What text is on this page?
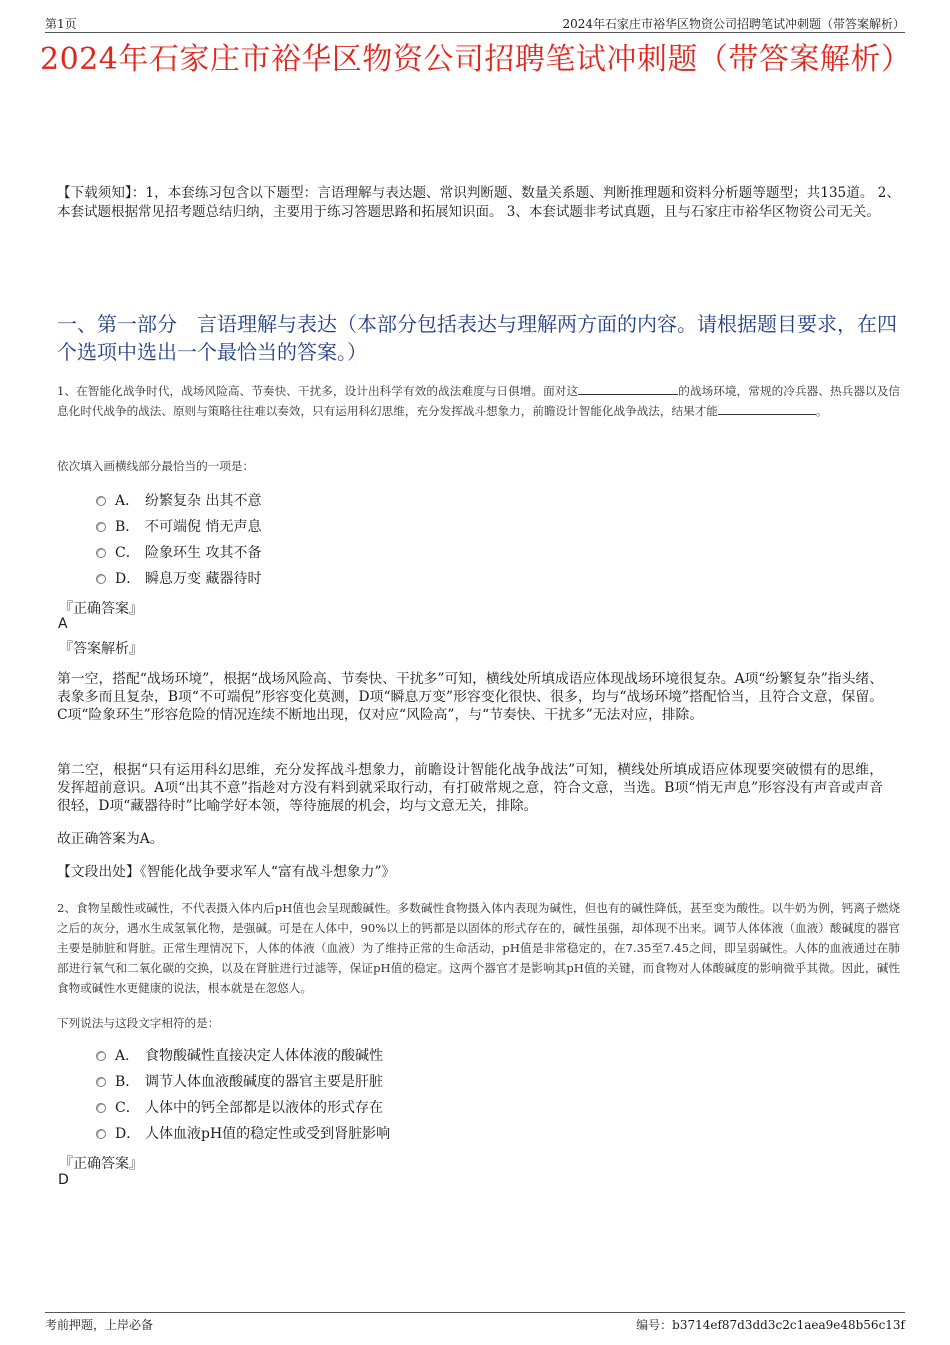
第1页	2024年石家庄市裕华区物资公司招聘笔试冲刺题（带答案解析）
2024年石家庄市裕华区物资公司招聘笔试冲刺题（带答案解析）
【下载须知】：1，本套练习包含以下题型：言语理解与表达题、常识判断题、数量关系题、判断推理题和资料分析题等题型；共135道。 2、本套试题根据常见招考题总结归纳，主要用于练习答题思路和拓展知识面。 3、本套试题非考试真题，且与石家庄市裕华区物资公司无关。
一、第一部分　言语理解与表达（本部分包括表达与理解两方面的内容。请根据题目要求，在四个选项中选出一个最恰当的答案。）
1、在智能化战争时代，战场风险高、节奏快、干扰多，设计出科学有效的战法难度与日俱增。面对这	的战场环境，常规的冷兵器、热兵器以及信息化时代战争的战法、原则与策略往往难以奏效，只有运用科幻思维，充分发挥战斗想象力，前瞻设计智能化战争战法，结果才能	。
依次填入画横线部分最恰当的一项是：
A． 纷繁复杂 出其不意
B． 不可端倪 悄无声息
C． 险象环生 攻其不备
D． 瞬息万变 藏器待时
『正确答案』
A
『答案解析』
第一空，搭配“战场环境”，根据“战场风险高、节奏快、干扰多”可知，横线处所填成语应体现战场环境很复杂。A项“纷繁复杂”指头绪、表象多而且复杂，B项“不可端倪”形容变化莫测，D项“瞬息万变”形容变化很快、很多，均与“战场环境”搭配恰当，且符合文意，保留。C项“险象环生”形容危险的情况连续不断地出现，仅对应“风险高”，与“节奏快、干扰多”无法对应，排除。
第二空，根据“只有运用科幻思维，充分发挥战斗想象力，前瞻设计智能化战争战法”可知，横线处所填成语应体现要突破惯有的思维，发挥超前意识。A项“出其不意”指趁对方没有料到就采取行动，有打破常规之意，符合文意，当选。B项“悄无声息”形容没有声音或声音很轻，D项“藏器待时”比喻学好本领，等待施展的机会，均与文意无关，排除。
故正确答案为A。
【文段出处】《智能化战争要求军人“富有战斗想象力”》
2、食物呈酸性或碱性，不代表摄入体内后pH值也会呈现酸碱性。多数碱性食物摄入体内表现为碱性，但也有的碱性降低，甚至变为酸性。以牛奶为例，钙离子燃烧之后的灰分，遇水生成氢氧化物，是强碱。可是在人体中，90%以上的钙都是以固体的形式存在的，碱性虽强，却体现不出来。调节人体体液（血液）酸碱度的器官主要是肺脏和肾脏。正常生理情况下，人体的体液（血液）为了维持正常的生命活动，pH值是非常稳定的，在7.35至7.45之间，即呈弱碱性。人体的血液通过在肺部进行氧气和二氧化碳的交换，以及在肾脏进行过滤等，保证pH值的稳定。这两个器官才是影响其pH值的关键，而食物对人体酸碱度的影响微乎其微。因此，碱性食物或碱性水更健康的说法，根本就是在忽悠人。
下列说法与这段文字相符的是：
A． 食物酸碱性直接决定人体体液的酸碱性
B． 调节人体血液酸碱度的器官主要是肝脏
C． 人体中的钙全部都是以液体的形式存在
D． 人体血液pH值的稳定性或受到肾脏影响
『正确答案』
D
考前押题，上岸必备	编号：b3714ef87d3dd3c2c1aea9e48b56c13f
